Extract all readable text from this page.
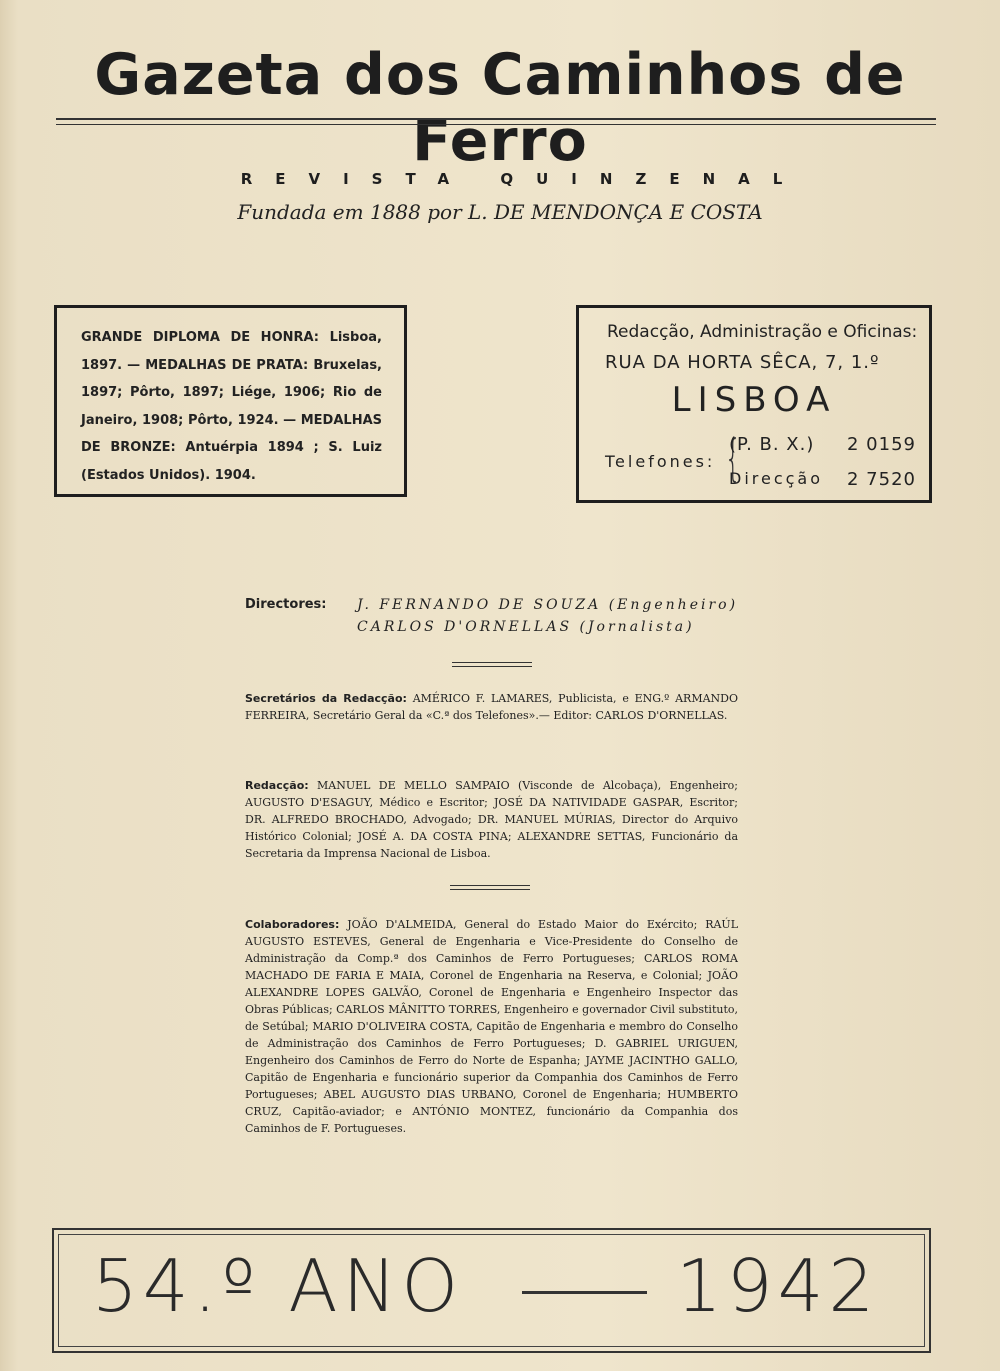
Gazeta dos Caminhos de Ferro
REVISTA QUINZENAL
Fundada em 1888 por L. DE MENDONÇA E COSTA
GRANDE DIPLOMA DE HONRA: Lisboa, 1897. — MEDALHAS DE PRATA: Bruxelas, 1897; Pôrto, 1897; Liége, 1906; Rio de Janeiro, 1908; Pôrto, 1924. — MEDALHAS DE BRONZE: Antuérpia 1894 ; S. Luiz (Estados Unidos). 1904.
Redacção, Administração e Oficinas:
RUA DA HORTA SÊCA, 7, 1.º
LISBOA
Telefones: {
(P. B. X.) 2 0159
Direcção 2 7520
Directores: J. FERNANDO DE SOUZA (Engenheiro)
CARLOS D'ORNELLAS (Jornalista)
Secretários da Redacção: AMÉRICO F. LAMARES, Publicista, e ENG.º ARMANDO FERREIRA, Secretário Geral da «C.ª dos Telefones».— Editor: CARLOS D'ORNELLAS.
Redacção: MANUEL DE MELLO SAMPAIO (Visconde de Alcobaça), Engenheiro; AUGUSTO D'ESAGUY, Médico e Escritor; JOSÉ DA NATIVIDADE GASPAR, Escritor; DR. ALFREDO BROCHADO, Advogado; DR. MANUEL MÚRIAS, Director do Arquivo Histórico Colonial; JOSÉ A. DA COSTA PINA; ALEXANDRE SETTAS, Funcionário da Secretaria da Imprensa Nacional de Lisboa.
Colaboradores: JOÃO D'ALMEIDA, General do Estado Maior do Exército; RAÚL AUGUSTO ESTEVES, General de Engenharia e Vice-Presidente do Conselho de Administração da Comp.ª dos Caminhos de Ferro Portugueses; CARLOS ROMA MACHADO DE FARIA E MAIA, Coronel de Engenharia na Reserva, e Colonial; JOÃO ALEXANDRE LOPES GALVÃO, Coronel de Engenharia e Engenheiro Inspector das Obras Públicas; CARLOS MÂNITTO TORRES, Engenheiro e governador Civil substituto, de Setúbal; MARIO D'OLIVEIRA COSTA, Capitão de Engenharia e membro do Conselho de Administração dos Caminhos de Ferro Portugueses; D. GABRIEL URIGUEN, Engenheiro dos Caminhos de Ferro do Norte de Espanha; JAYME JACINTHO GALLO, Capitão de Engenharia e funcionário superior da Companhia dos Caminhos de Ferro Portugueses; ABEL AUGUSTO DIAS URBANO, Coronel de Engenharia; HUMBERTO CRUZ, Capitão-aviador; e ANTÓNIO MONTEZ, funcionário da Companhia dos Caminhos de F. Portugueses.
54.º ANO	1942
